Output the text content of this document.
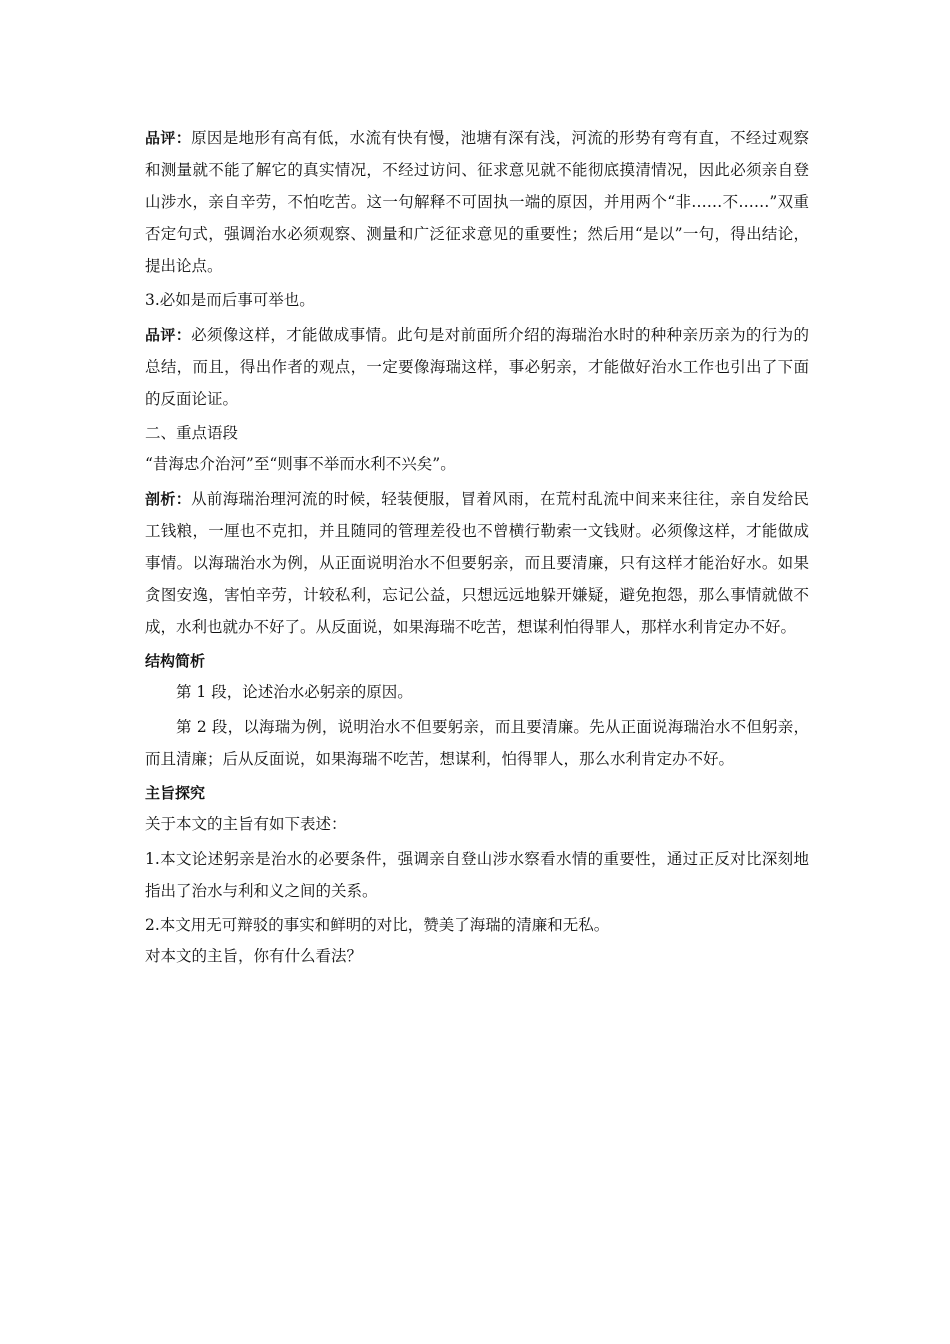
品评：原因是地形有高有低，水流有快有慢，池塘有深有浅，河流的形势有弯有直，不经过观察和测量就不能了解它的真实情况，不经过访问、征求意见就不能彻底摸清情况，因此必须亲自登山涉水，亲自辛劳，不怕吃苦。这一句解释不可固执一端的原因，并用两个“非……不……”双重否定句式，强调治水必须观察、测量和广泛征求意见的重要性；然后用“是以”一句，得出结论，提出论点。

3.必如是而后事可举也。

品评：必须像这样，才能做成事情。此句是对前面所介绍的海瑞治水时的种种亲历亲为的行为的总结，而且，得出作者的观点，一定要像海瑞这样，事必躬亲，才能做好治水工作也引出了下面的反面论证。

二、重点语段

“昔海忠介治河”至“则事不举而水利不兴矣”。

剖析：从前海瑞治理河流的时候，轻装便服，冒着风雨，在荒村乱流中间来来往往，亲自发给民工钱粮，一厘也不克扣，并且随同的管理差役也不曾横行勒索一文钱财。必须像这样，才能做成事情。以海瑞治水为例，从正面说明治水不但要躬亲，而且要清廉，只有这样才能治好水。如果贪图安逸，害怕辛劳，计较私利，忘记公益，只想远远地躲开嫌疑，避免抱怨，那么事情就做不成，水利也就办不好了。从反面说，如果海瑞不吃苦，想谋利怕得罪人，那样水利肯定办不好。

结构简析

第 1 段，论述治水必躬亲的原因。

第 2 段，以海瑞为例，说明治水不但要躬亲，而且要清廉。先从正面说海瑞治水不但躬亲，而且清廉；后从反面说，如果海瑞不吃苦，想谋利，怕得罪人，那么水利肯定办不好。

主旨探究

关于本文的主旨有如下表述：

1.本文论述躬亲是治水的必要条件，强调亲自登山涉水察看水情的重要性，通过正反对比深刻地指出了治水与利和义之间的关系。

2.本文用无可辩驳的事实和鲜明的对比，赞美了海瑞的清廉和无私。

对本文的主旨，你有什么看法？
